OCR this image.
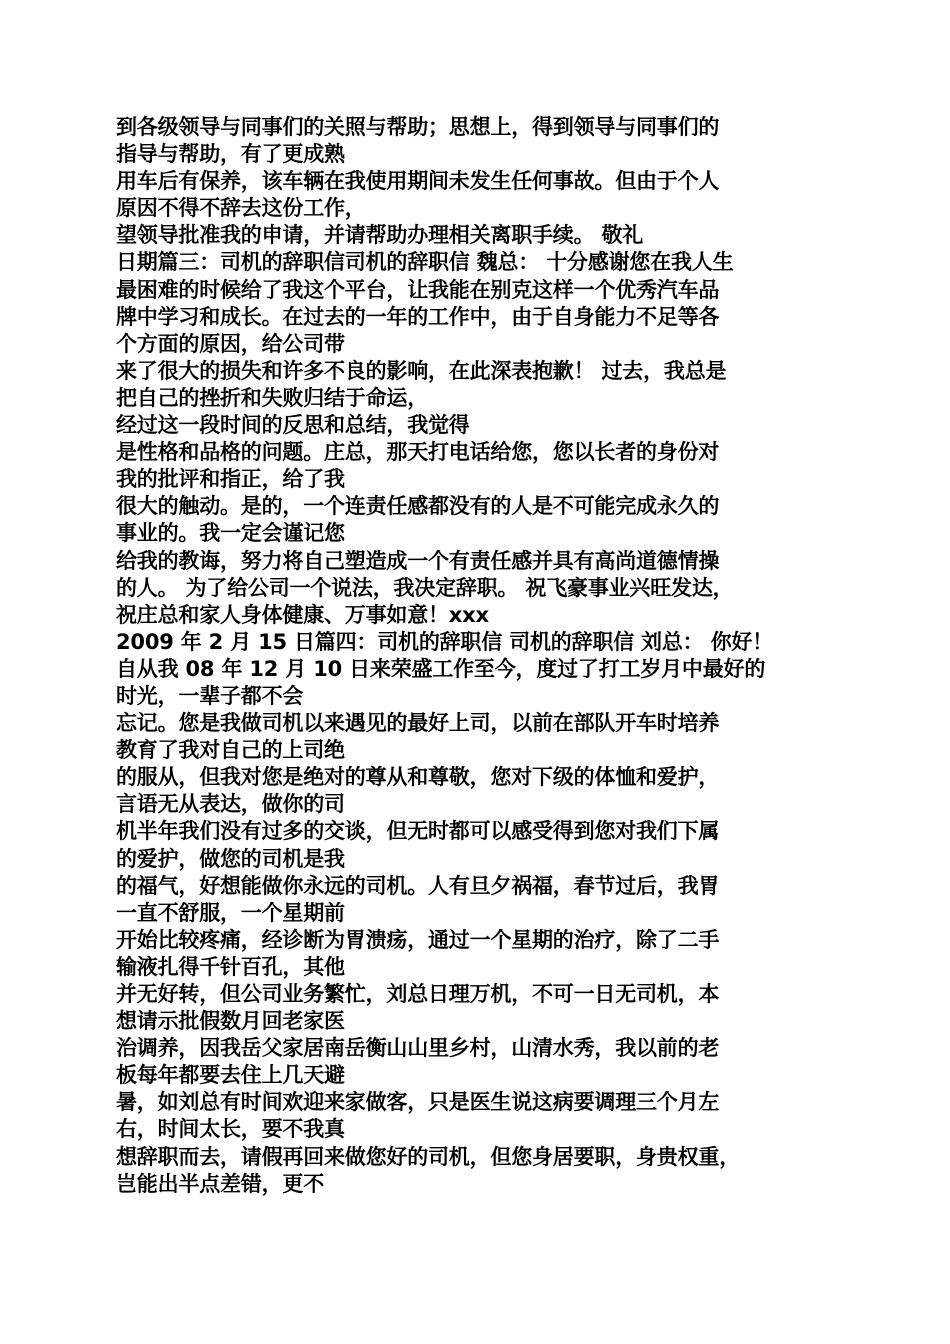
到各级领导与同事们的关照与帮助；思想上，得到领导与同事们的
指导与帮助，有了更成熟
用车后有保养，该车辆在我使用期间未发生任何事故。但由于个人
原因不得不辞去这份工作，
望领导批准我的申请，并请帮助办理相关离职手续。 敬礼
日期篇三：司机的辞职信司机的辞职信 魏总： 十分感谢您在我人生
最困难的时候给了我这个平台，让我能在别克这样一个优秀汽车品
牌中学习和成长。在过去的一年的工作中，由于自身能力不足等各
个方面的原因，给公司带
来了很大的损失和许多不良的影响，在此深表抱歉！ 过去，我总是
把自己的挫折和失败归结于命运，
经过这一段时间的反思和总结，我觉得
是性格和品格的问题。庄总，那天打电话给您，您以长者的身份对
我的批评和指正，给了我
很大的触动。是的，一个连责任感都没有的人是不可能完成永久的
事业的。我一定会谨记您
给我的教诲，努力将自己塑造成一个有责任感并具有高尚道德情操
的人。 为了给公司一个说法，我决定辞职。 祝飞豪事业兴旺发达，
祝庄总和家人身体健康、万事如意！xxx
2009 年 2 月 15 日篇四：司机的辞职信 司机的辞职信 刘总： 你好！
自从我 08 年 12 月 10 日来荣盛工作至今，度过了打工岁月中最好的
时光，一辈子都不会
忘记。您是我做司机以来遇见的最好上司，以前在部队开车时培养
教育了我对自己的上司绝
的服从，但我对您是绝对的尊从和尊敬，您对下级的体恤和爱护，
言语无从表达，做你的司
机半年我们没有过多的交谈，但无时都可以感受得到您对我们下属
的爱护，做您的司机是我
的福气，好想能做你永远的司机。人有旦夕祸福，春节过后，我胃
一直不舒服，一个星期前
开始比较疼痛，经诊断为胃溃疡，通过一个星期的治疗，除了二手
输液扎得千针百孔，其他
并无好转，但公司业务繁忙，刘总日理万机，不可一日无司机，本
想请示批假数月回老家医
治调养，因我岳父家居南岳衡山山里乡村，山清水秀，我以前的老
板每年都要去住上几天避
暑，如刘总有时间欢迎来家做客，只是医生说这病要调理三个月左
右，时间太长，要不我真
想辞职而去，请假再回来做您好的司机，但您身居要职，身贵权重，
岂能出半点差错，更不
